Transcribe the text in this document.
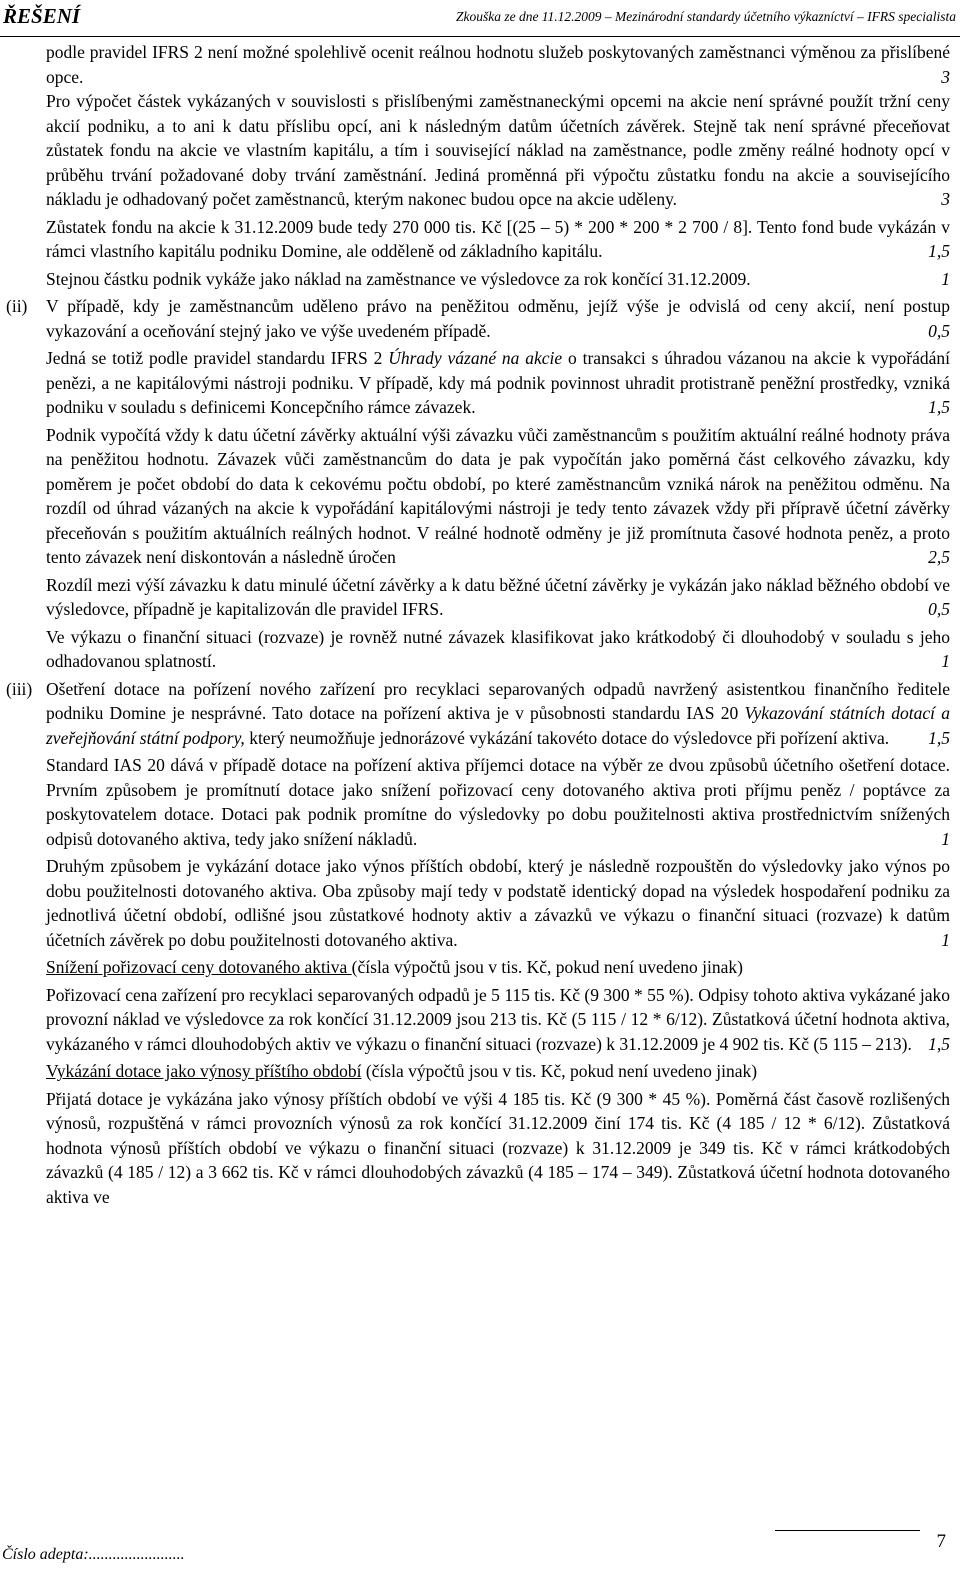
ŘEŠENÍ	Zkouška ze dne 11.12.2009 – Mezinárodní standardy účetního výkazníctví – IFRS specialista

podle pravidel IFRS 2 není možné spolehlivě ocenit reálnou hodnotu služeb poskytovaných zaměstnanci výměnou za přislíbené opce.	3

Pro výpočet částek vykázaných v souvislosti s přislíbenými zaměstnaneckými opcemi na akcie není správné použít tržní ceny akcií podniku, a to ani k datu příslibu opcí, ani k následným datům účetních závěrek. Stejně tak není správné přeceňovat zůstatek fondu na akcie ve vlastním kapitálu, a tím i související náklad na zaměstnance, podle změny reálné hodnoty opcí v průběhu trvání požadované doby trvání zaměstnání. Jediná proměnná při výpočtu zůstatku fondu na akcie a souvisejícího nákladu je odhadovaný počet zaměstnanců, kterým nakonec budou opce na akcie uděleny.	3

Zůstatek fondu na akcie k 31.12.2009 bude tedy 270 000 tis. Kč [(25 – 5) * 200 * 200 * 2 700 / 8]. Tento fond bude vykázán v rámci vlastního kapitálu podniku Domine, ale odděleně od základního kapitálu.	1,5

Stejnou částku podnik vykáže jako náklad na zaměstnance ve výsledovce za rok končící 31.12.2009.	1

(ii) V případě, kdy je zaměstnancům uděleno právo na peněžitou odměnu, jejíž výše je odvislá od ceny akcií, není postup vykazování a oceňování stejný jako ve výše uvedeném případě.	0,5

Jedná se totiž podle pravidel standardu IFRS 2 Úhrady vázané na akcie o transakci s úhradou vázanou na akcie k vypořádání penězi, a ne kapitálovými nástroji podniku. V případě, kdy má podnik povinnost uhradit protistraně peněžní prostředky, vzniká podniku v souladu s definicemi Koncepčního rámce závazek.	1,5

Podnik vypočítá vždy k datu účetní závěrky aktuální výši závazku vůči zaměstnancům s použitím aktuální reálné hodnoty práva na peněžitou hodnotu. Závazek vůči zaměstnancům do data je pak vypočítán jako poměrná část celkového závazku, kdy poměrem je počet období do data k cekovému počtu období, po které zaměstnancům vzniká nárok na peněžitou odměnu. Na rozdíl od úhrad vázaných na akcie k vypořádání kapitálovými nástroji je tedy tento závazek vždy při přípravě účetní závěrky přeceňován s použitím aktuálních reálných hodnot. V reálné hodnotě odměny je již promítnuta časové hodnota peněz, a proto tento závazek není diskontován a následně úročen	2,5

Rozdíl mezi výší závazku k datu minulé účetní závěrky a k datu běžné účetní závěrky je vykázán jako náklad běžného období ve výsledovce, případně je kapitalizován dle pravidel IFRS.	0,5

Ve výkazu o finanční situaci (rozvaze) je rovněž nutné závazek klasifikovat jako krátkodobý či dlouhodobý v souladu s jeho odhadovanou splatností.	1

(iii) Ošetření dotace na pořízení nového zařízení pro recyklaci separovaných odpadů navržený asistentkou finančního ředitele podniku Domine je nesprávné. Tato dotace na pořízení aktiva je v působnosti standardu IAS 20 Vykazování státních dotací a zveřejňování státní podpory, který neumožňuje jednorázové vykázání takovéto dotace do výsledovce při pořízení aktiva. 1,5

Standard IAS 20 dává v případě dotace na pořízení aktiva příjemci dotace na výběr ze dvou způsobů účetního ošetření dotace. Prvním způsobem je promítnutí dotace jako snížení pořizovací ceny dotovaného aktiva proti příjmu peněz / poptávce za poskytovatelem dotace. Dotaci pak podnik promítne do výsledovky po dobu použitelnosti aktiva prostřednictvím snížených odpisů dotovaného aktiva, tedy jako snížení nákladů.	1

Druhým způsobem je vykázání dotace jako výnos příštích období, který je následně rozpouštěn do výsledovky jako výnos po dobu použitelnosti dotovaného aktiva. Oba způsoby mají tedy v podstatě identický dopad na výsledek hospodaření podniku za jednotlivá účetní období, odlišné jsou zůstatkové hodnoty aktiv a závazků ve výkazu o finanční situaci (rozvaze) k datům účetních závěrek po dobu použitelnosti dotovaného aktiva.	1

Snížení pořizovací ceny dotovaného aktiva (čísla výpočtů jsou v tis. Kč, pokud není uvedeno jinak)

Pořizovací cena zařízení pro recyklaci separovaných odpadů je 5 115 tis. Kč (9 300 * 55 %). Odpisy tohoto aktiva vykázané jako provozní náklad ve výsledovce za rok končící 31.12.2009 jsou 213 tis. Kč (5 115 / 12 * 6/12). Zůstatková účetní hodnota aktiva, vykázaného v rámci dlouhodobých aktiv ve výkazu o finanční situaci (rozvaze) k 31.12.2009 je 4 902 tis. Kč (5 115 – 213). 1,5

Vykázání dotace jako výnosy příštího období (čísla výpočtů jsou v tis. Kč, pokud není uvedeno jinak)

Přijatá dotace je vykázána jako výnosy příštích období ve výši 4 185 tis. Kč (9 300 * 45 %). Poměrná část časově rozlišených výnosů, rozpuštěná v rámci provozních výnosů za rok končící 31.12.2009 činí 174 tis. Kč (4 185 / 12 * 6/12). Zůstatková hodnota výnosů příštích období ve výkazu o finanční situaci (rozvaze) k 31.12.2009 je 349 tis. Kč v rámci krátkodobých závazků (4 185 / 12) a 3 662 tis. Kč v rámci dlouhodobých závazků (4 185 – 174 – 349). Zůstatková účetní hodnota dotovaného aktiva ve

7
Číslo adepta:........................
